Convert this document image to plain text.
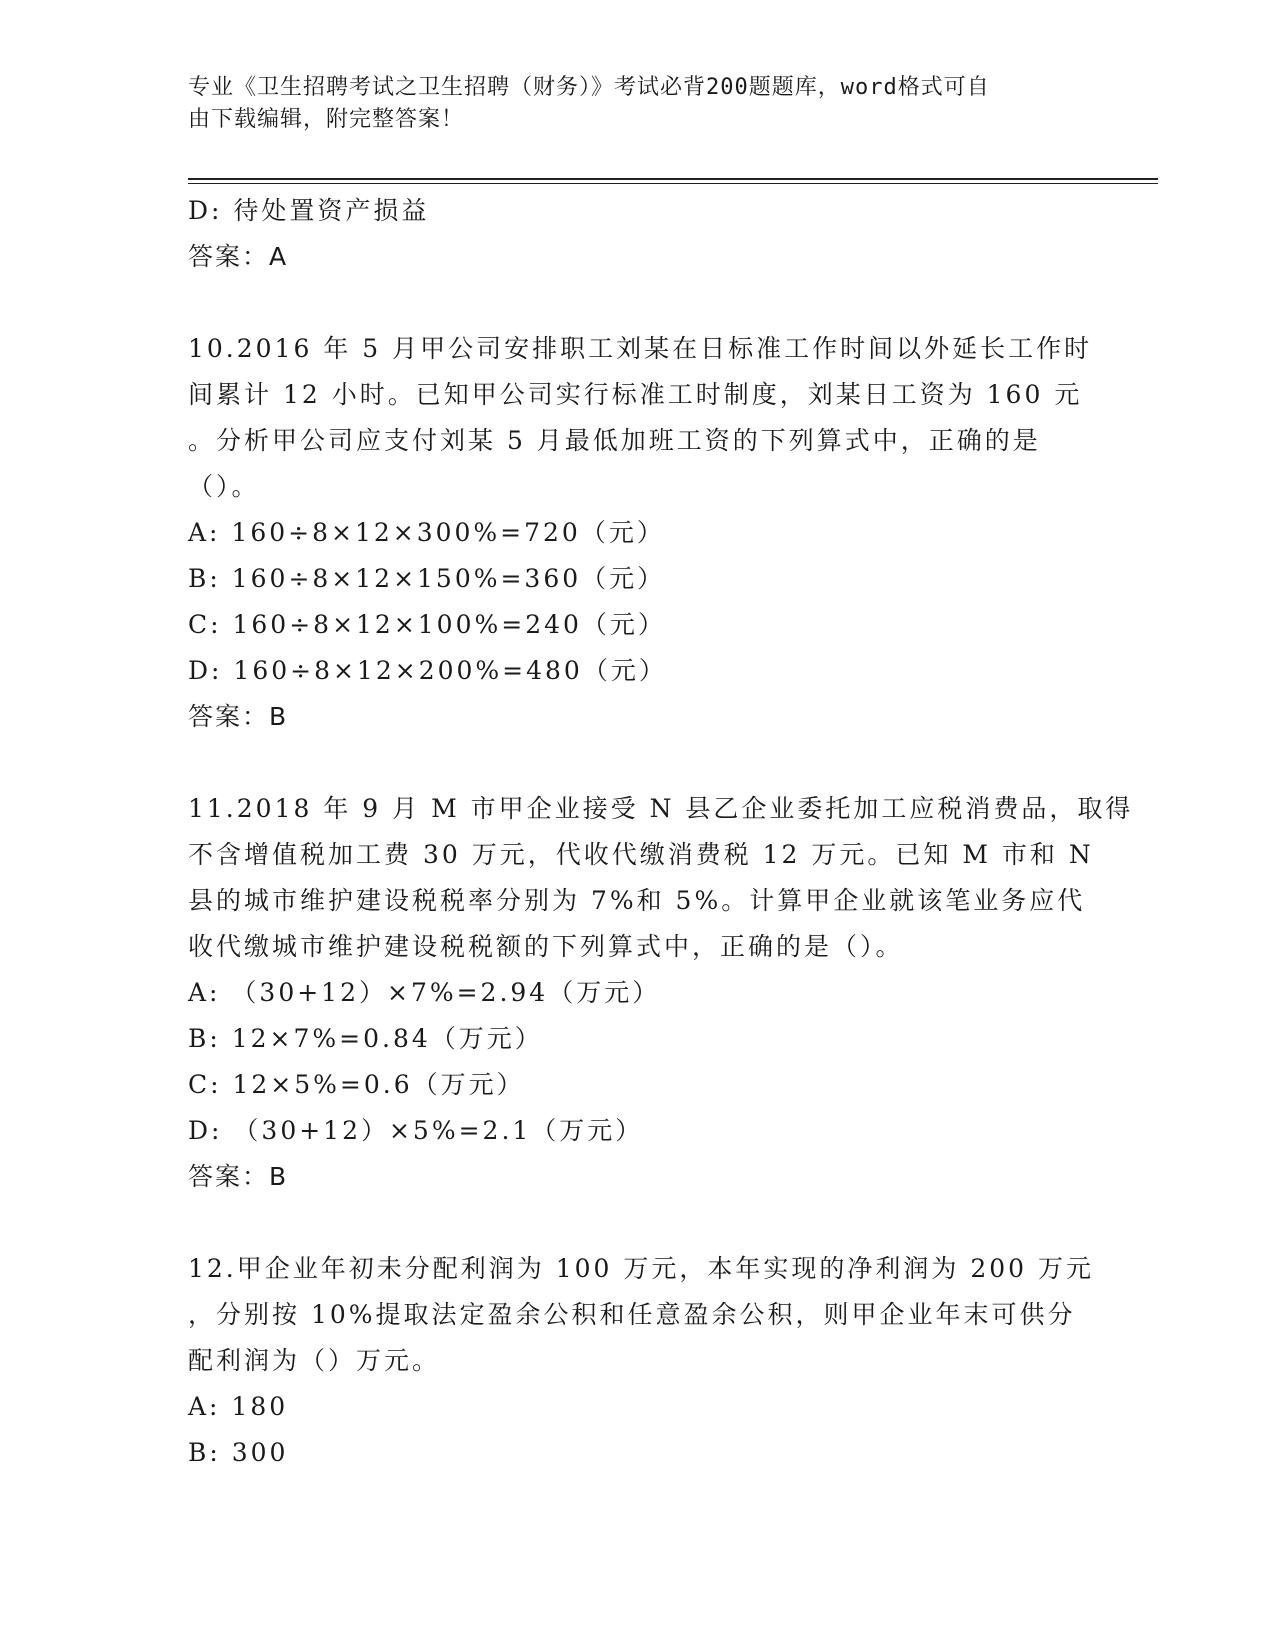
专业《卫生招聘考试之卫生招聘（财务）》考试必背200题题库，word格式可自
由下载编辑，附完整答案！
D: 待处置资产损益
答案：A
10.2016 年 5 月甲公司安排职工刘某在日标准工作时间以外延长工作时
间累计 12 小时。已知甲公司实行标准工时制度，刘某日工资为 160 元
。分析甲公司应支付刘某 5 月最低加班工资的下列算式中，正确的是
（）。
A: 160÷8×12×300%=720（元）
B: 160÷8×12×150%=360（元）
C: 160÷8×12×100%=240（元）
D: 160÷8×12×200%=480（元）
答案：B
11.2018 年 9 月 M 市甲企业接受 N 县乙企业委托加工应税消费品，取得
不含增值税加工费 30 万元，代收代缴消费税 12 万元。已知 M 市和 N
县的城市维护建设税税率分别为 7%和 5%。计算甲企业就该笔业务应代
收代缴城市维护建设税税额的下列算式中，正确的是（）。
A: （30+12）×7%=2.94（万元）
B: 12×7%=0.84（万元）
C: 12×5%=0.6（万元）
D: （30+12）×5%=2.1（万元）
答案：B
12.甲企业年初未分配利润为 100 万元，本年实现的净利润为 200 万元
，分别按 10%提取法定盈余公积和任意盈余公积，则甲企业年末可供分
配利润为（）万元。
A: 180
B: 300
